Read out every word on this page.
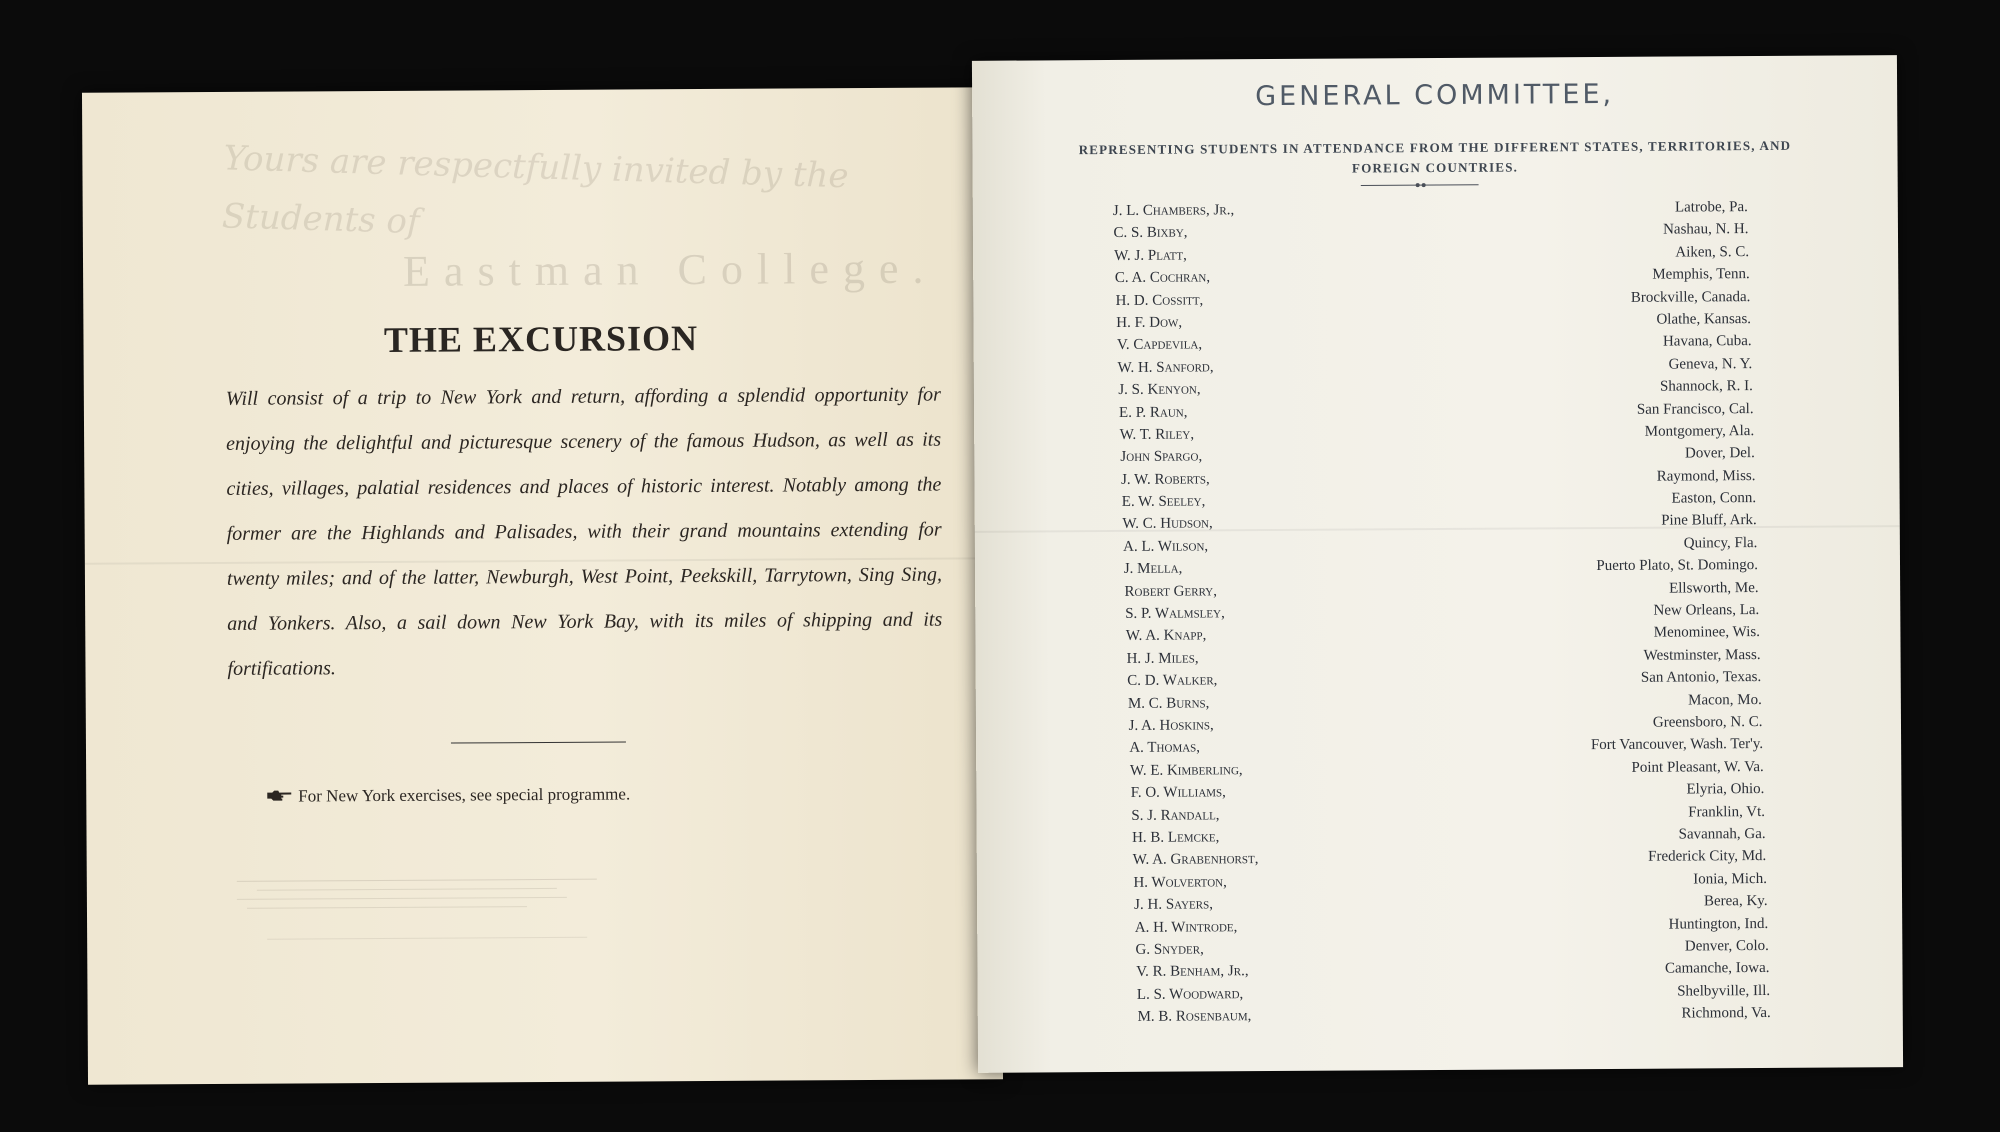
Yours are respectfully invited by the Students of
Eastman College.
THE EXCURSION
Will consist of a trip to New York and return, affording a splendid opportunity for enjoying the delightful and picturesque scenery of the famous Hudson, as well as its cities, villages, palatial residences and places of historic interest. Notably among the former are the Highlands and Palisades, with their grand mountains extending for twenty miles; and of the latter, Newburgh, West Point, Peekskill, Tarrytown, Sing Sing, and Yonkers. Also, a sail down New York Bay, with its miles of shipping and its fortifications.
For New York exercises, see special programme.
GENERAL COMMITTEE,
REPRESENTING STUDENTS IN ATTENDANCE FROM THE DIFFERENT STATES, TERRITORIES, AND FOREIGN COUNTRIES.
J. L. Chambers, Jr.,
C. S. Bixby,
W. J. Platt,
C. A. Cochran,
H. D. Cossitt,
H. F. Dow,
V. Capdevila,
W. H. Sanford,
J. S. Kenyon,
E. P. Raun,
W. T. Riley,
John Spargo,
J. W. Roberts,
E. W. Seeley,
W. C. Hudson,
A. L. Wilson,
J. Mella,
Robert Gerry,
S. P. Walmsley,
W. A. Knapp,
H. J. Miles,
C. D. Walker,
M. C. Burns,
J. A. Hoskins,
A. Thomas,
W. E. Kimberling,
F. O. Williams,
S. J. Randall,
H. B. Lemcke,
W. A. Grabenhorst,
H. Wolverton,
J. H. Sayers,
A. H. Wintrode,
G. Snyder,
V. R. Benham, Jr.,
L. S. Woodward,
M. B. Rosenbaum,
Latrobe, Pa.
Nashau, N. H.
Aiken, S. C.
Memphis, Tenn.
Brockville, Canada.
Olathe, Kansas.
Havana, Cuba.
Geneva, N. Y.
Shannock, R. I.
San Francisco, Cal.
Montgomery, Ala.
Dover, Del.
Raymond, Miss.
Easton, Conn.
Pine Bluff, Ark.
Quincy, Fla.
Puerto Plato, St. Domingo.
Ellsworth, Me.
New Orleans, La.
Menominee, Wis.
Westminster, Mass.
San Antonio, Texas.
Macon, Mo.
Greensboro, N. C.
Fort Vancouver, Wash. Ter'y.
Point Pleasant, W. Va.
Elyria, Ohio.
Franklin, Vt.
Savannah, Ga.
Frederick City, Md.
Ionia, Mich.
Berea, Ky.
Huntington, Ind.
Denver, Colo.
Camanche, Iowa.
Shelbyville, Ill.
Richmond, Va.
